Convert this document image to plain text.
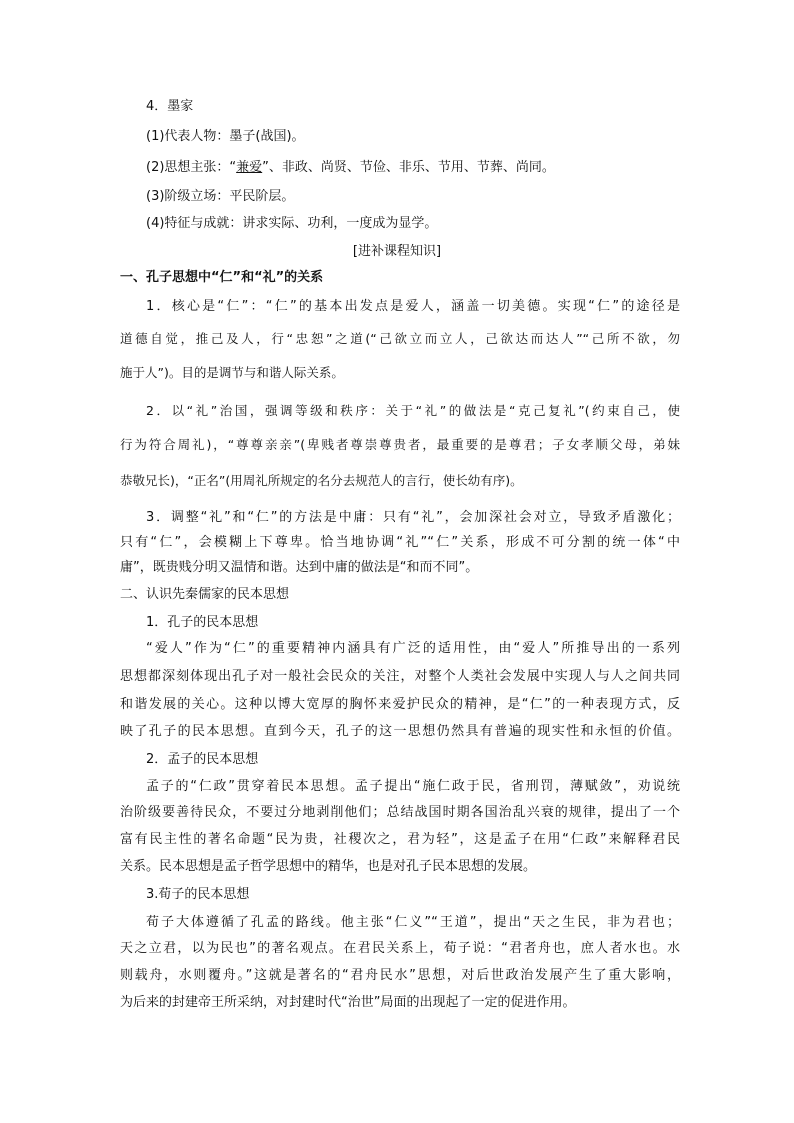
4．墨家

(1)代表人物：墨子(战国)。

(2)思想主张：“兼爱”、非政、尚贤、节俭、非乐、节用、节葬、尚同。

(3)阶级立场：平民阶层。

(4)特征与成就：讲求实际、功利，一度成为显学。

[进补课程知识]

一、孔子思想中“仁”和“礼”的关系

1．核心是“仁”：“仁”的基本出发点是爱人，涵盖一切美德。实现“仁”的途径是

道德自觉，推己及人，行“忠恕”之道(“己欲立而立人，己欲达而达人”“己所不欲，勿

施于人”)。目的是调节与和谐人际关系。

2．以“礼”治国，强调等级和秩序：关于“礼”的做法是“克己复礼”(约束自己，使

行为符合周礼)，“尊尊亲亲”(卑贱者尊崇尊贵者，最重要的是尊君；子女孝顺父母，弟妹

恭敬兄长)，“正名”(用周礼所规定的名分去规范人的言行，使长幼有序)。

3．调整“礼”和“仁”的方法是中庸：只有“礼”，会加深社会对立，导致矛盾激化；

只有“仁”，会模糊上下尊卑。恰当地协调“礼”“仁”关系，形成不可分割的统一体“中

庸”，既贵贱分明又温情和谐。达到中庸的做法是“和而不同”。

二、认识先秦儒家的民本思想

1．孔子的民本思想

“爱人”作为“仁”的重要精神内涵具有广泛的适用性，由“爱人”所推导出的一系列

思想都深刻体现出孔子对一般社会民众的关注，对整个人类社会发展中实现人与人之间共同

和谐发展的关心。这种以博大宽厚的胸怀来爱护民众的精神，是“仁”的一种表现方式，反

映了孔子的民本思想。直到今天，孔子的这一思想仍然具有普遍的现实性和永恒的价值。

2．孟子的民本思想

孟子的“仁政”贯穿着民本思想。孟子提出“施仁政于民，省刑罚，薄赋敛”，劝说统

治阶级要善待民众，不要过分地剥削他们；总结战国时期各国治乱兴衰的规律，提出了一个

富有民主性的著名命题“民为贵，社稷次之，君为轻”，这是孟子在用“仁政”来解释君民

关系。民本思想是孟子哲学思想中的精华，也是对孔子民本思想的发展。

3.荀子的民本思想

荀子大体遵循了孔孟的路线。他主张“仁义”“王道”，提出“天之生民，非为君也；

天之立君，以为民也”的著名观点。在君民关系上，荀子说：“君者舟也，庶人者水也。水

则载舟，水则覆舟。”这就是著名的“君舟民水”思想，对后世政治发展产生了重大影响，

为后来的封建帝王所采纳，对封建时代“治世”局面的出现起了一定的促进作用。
